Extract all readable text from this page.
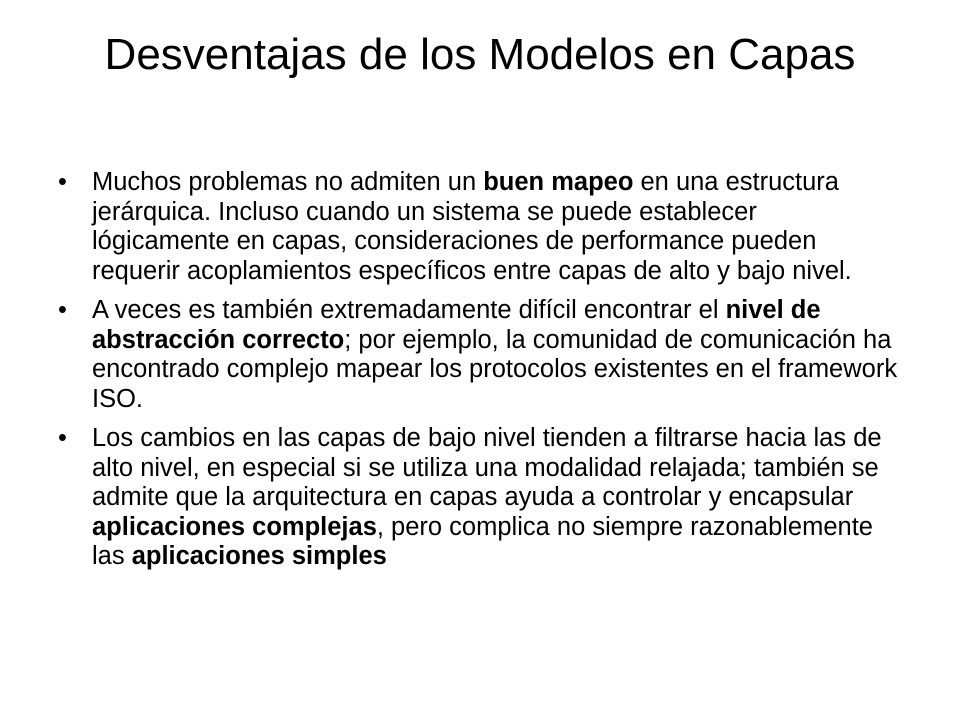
Desventajas de los Modelos en Capas
• Muchos problemas no admiten un buen mapeo en una estructura jerárquica. Incluso cuando un sistema se puede establecer lógicamente en capas, consideraciones de performance pueden requerir acoplamientos específicos entre capas de alto y bajo nivel.
• A veces es también extremadamente difícil encontrar el nivel de abstracción correcto; por ejemplo, la comunidad de comunicación ha encontrado complejo mapear los protocolos existentes en el framework ISO.
• Los cambios en las capas de bajo nivel tienden a filtrarse hacia las de alto nivel, en especial si se utiliza una modalidad relajada; también se admite que la arquitectura en capas ayuda a controlar y encapsular aplicaciones complejas, pero complica no siempre razonablemente las aplicaciones simples
